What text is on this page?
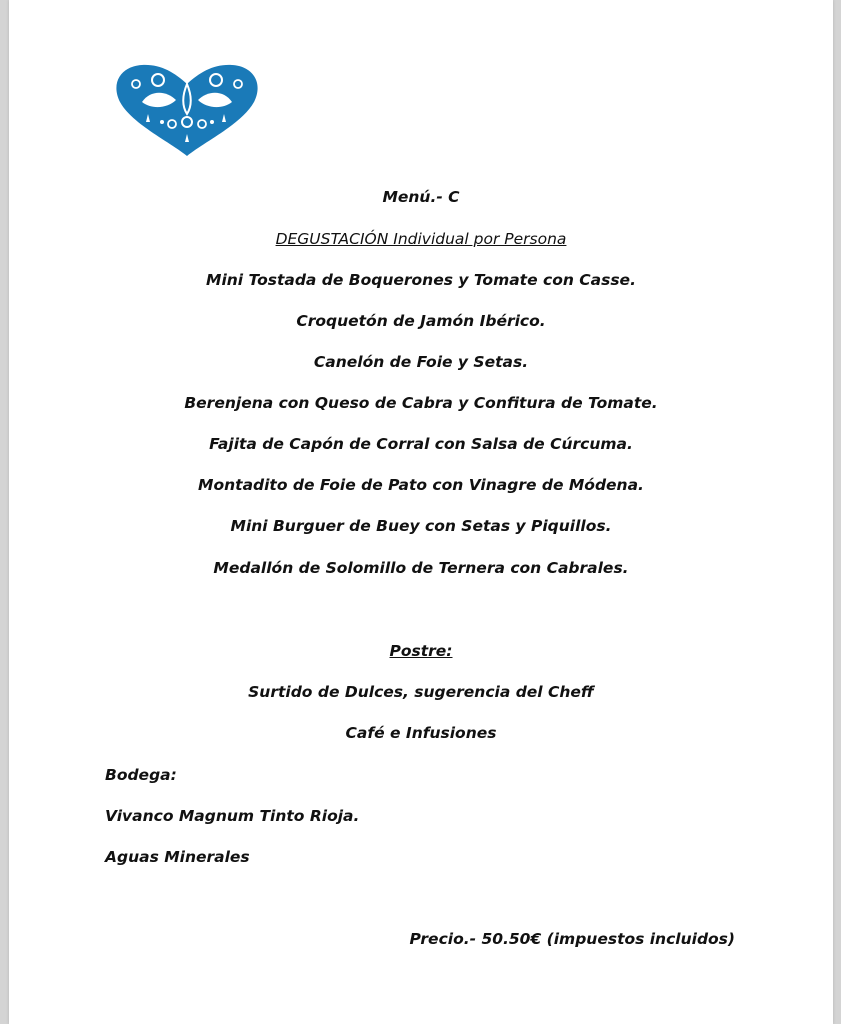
Menú.- C
DEGUSTACIÓN Individual por Persona
Mini Tostada de Boquerones y Tomate con Casse.
Croquetón de Jamón Ibérico.
Canelón de Foie y Setas.
Berenjena con Queso de Cabra y Confitura de Tomate.
Fajita de Capón de Corral con Salsa de Cúrcuma.
Montadito de Foie de Pato con Vinagre de Módena.
Mini Burguer de Buey con Setas y Piquillos.
Medallón de Solomillo de Ternera con Cabrales.
Postre:
Surtido de Dulces, sugerencia del Cheff
Café e Infusiones
Bodega:
Vivanco Magnum Tinto Rioja.
Aguas Minerales
Precio.- 50.50€ (impuestos incluidos)
